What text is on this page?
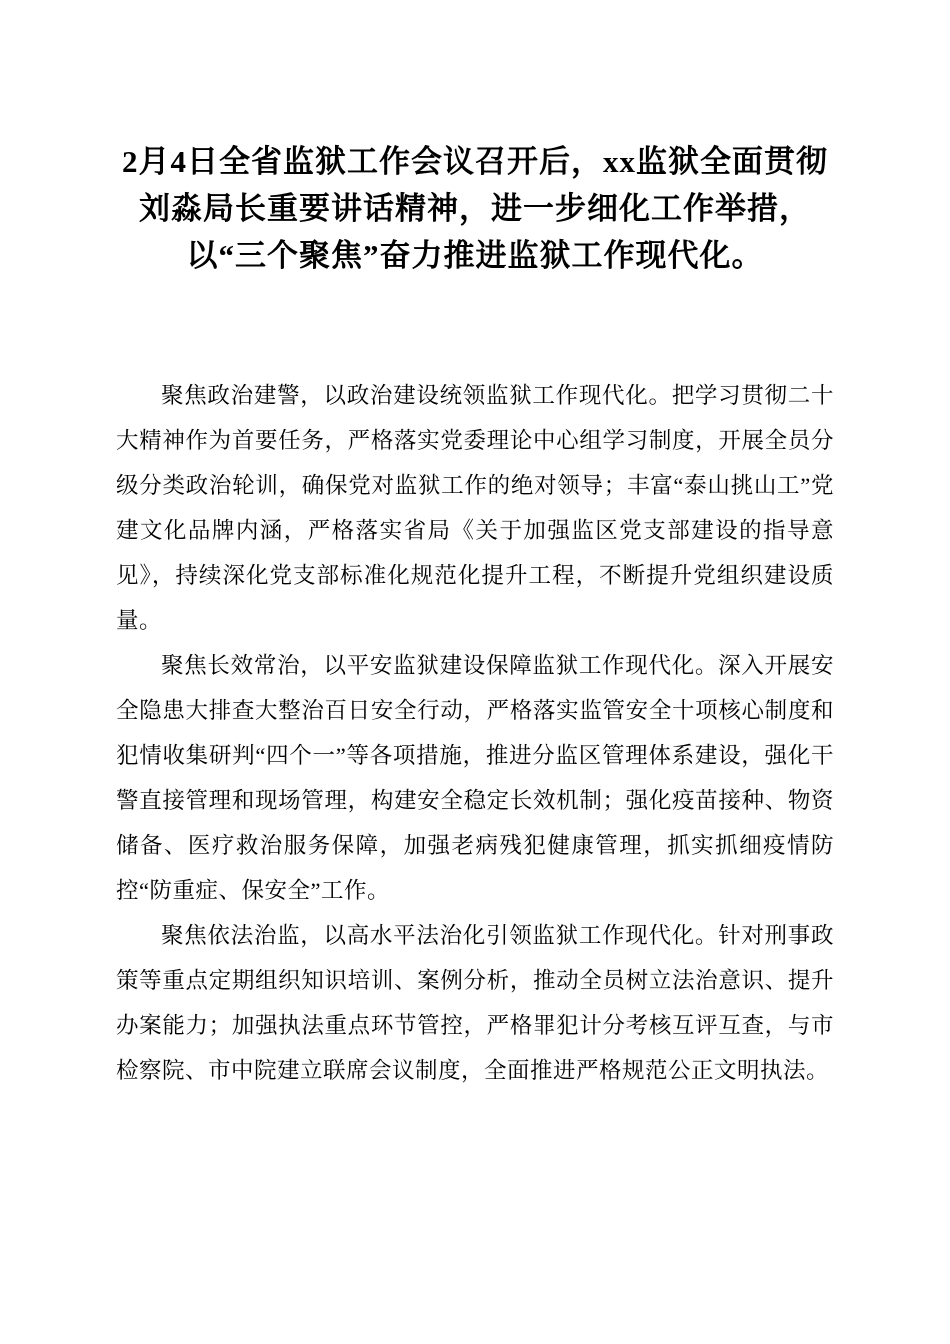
2月4日全省监狱工作会议召开后，xx监狱全面贯彻刘淼局长重要讲话精神，进一步细化工作举措，以“三个聚焦”奋力推进监狱工作现代化。

聚焦政治建警，以政治建设统领监狱工作现代化。把学习贯彻二十大精神作为首要任务，严格落实党委理论中心组学习制度，开展全员分级分类政治轮训，确保党对监狱工作的绝对领导；丰富“泰山挑山工”党建文化品牌内涵，严格落实省局《关于加强监区党支部建设的指导意见》，持续深化党支部标准化规范化提升工程，不断提升党组织建设质量。

聚焦长效常治，以平安监狱建设保障监狱工作现代化。深入开展安全隐患大排查大整治百日安全行动，严格落实监管安全十项核心制度和犯情收集研判“四个一”等各项措施，推进分监区管理体系建设，强化干警直接管理和现场管理，构建安全稳定长效机制；强化疫苗接种、物资储备、医疗救治服务保障，加强老病残犯健康管理，抓实抓细疫情防控“防重症、保安全”工作。

聚焦依法治监，以高水平法治化引领监狱工作现代化。针对刑事政策等重点定期组织知识培训、案例分析，推动全员树立法治意识、提升办案能力；加强执法重点环节管控，严格罪犯计分考核互评互查，与市检察院、市中院建立联席会议制度，全面推进严格规范公正文明执法。
